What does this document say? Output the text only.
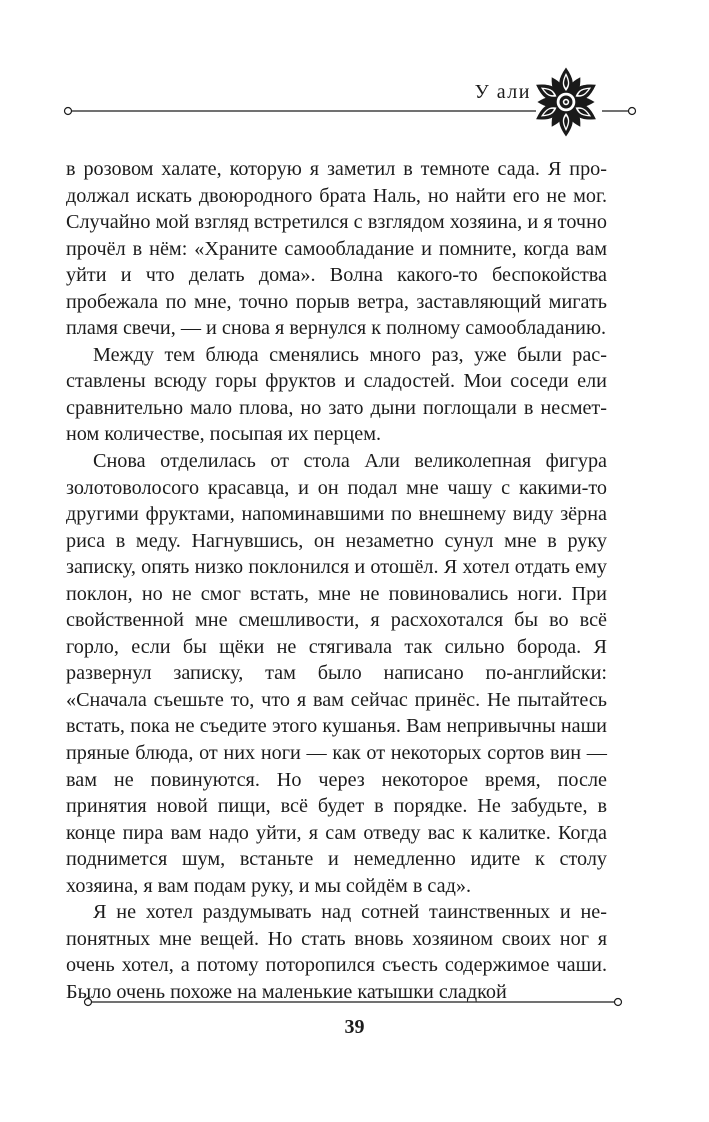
У али

в розовом халате, которую я заметил в темноте сада. Я продолжал искать двоюродного брата Наль, но найти его не мог. Случайно мой взгляд встретился с взглядом хозяина, и я точно прочёл в нём: «Храните самообладание и помните, когда вам уйти и что делать дома». Волна какого-то беспокойства пробежала по мне, точно порыв ветра, заставляющий мигать пламя свечи, — и снова я вернулся к полному самообладанию.

Между тем блюда сменялись много раз, уже были расставлены всюду горы фруктов и сладостей. Мои соседи ели сравнительно мало плова, но зато дыни поглощали в несметном количестве, посыпая их перцем.

Снова отделилась от стола Али великолепная фигура золотоволосого красавца, и он подал мне чашу с какими-то другими фруктами, напоминавшими по внешнему виду зёрна риса в меду. Нагнувшись, он незаметно сунул мне в руку записку, опять низко поклонился и отошёл. Я хотел отдать ему поклон, но не смог встать, мне не повиновались ноги. При свойственной мне смешливости, я расхохотался бы во всё горло, если бы щёки не стягивала так сильно борода. Я развернул записку, там было написано по-английски: «Сначала съешьте то, что я вам сейчас принёс. Не пытайтесь встать, пока не съедите этого кушанья. Вам непривычны наши пряные блюда, от них ноги — как от некоторых сортов вин — вам не повинуются. Но через некоторое время, после принятия новой пищи, всё будет в порядке. Не забудьте, в конце пира вам надо уйти, я сам отведу вас к калитке. Когда поднимется шум, встаньте и немедленно идите к столу хозяина, я вам подам руку, и мы сойдём в сад».

Я не хотел раздумывать над сотней таинственных и непонятных мне вещей. Но стать вновь хозяином своих ног я очень хотел, а потому поторопился съесть содержимое чаши. Было очень похоже на маленькие катышки сладкой

39
